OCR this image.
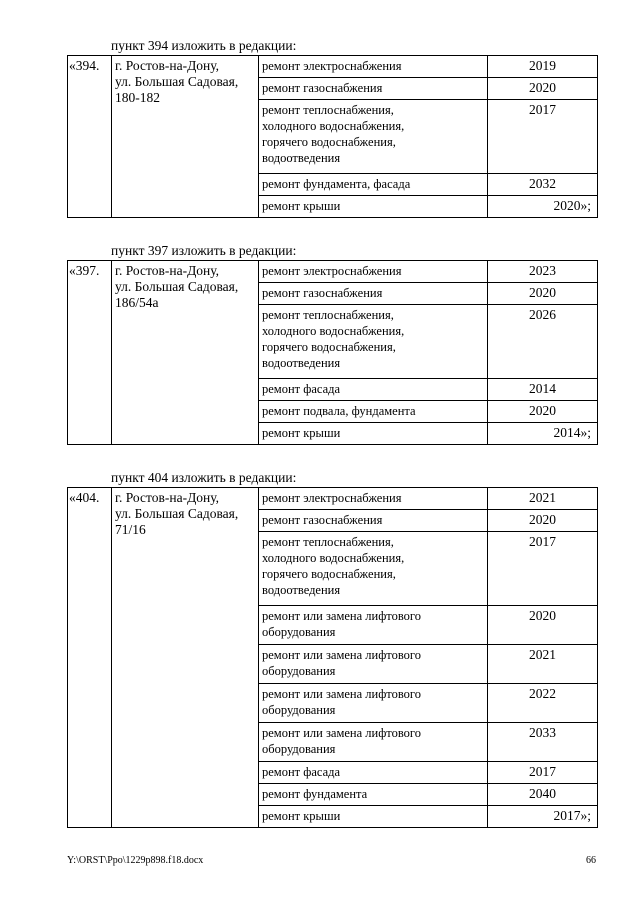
пункт 394 изложить в редакции:
«394.	г. Ростов-на-Дону,
ул. Большая Садовая,
180-182	ремонт электроснабжения	2019

		ремонт газоснабжения	2020

		ремонт теплоснабжения,
холодного водоснабжения,
горячего водоснабжения,
водоотведения	2017

		ремонт фундамента, фасада	2032

		ремонт крыши	2020»;
пункт 397 изложить в редакции:
«397.	г. Ростов-на-Дону,
ул. Большая Садовая,
186/54а	ремонт электроснабжения	2023

		ремонт газоснабжения	2020

		ремонт теплоснабжения,
холодного водоснабжения,
горячего водоснабжения,
водоотведения	2026

		ремонт фасада	2014

		ремонт подвала, фундамента	2020

		ремонт крыши	2014»;
пункт 404 изложить в редакции:
«404.	г. Ростов-на-Дону,
ул. Большая Садовая,
71/16	ремонт электроснабжения	2021

		ремонт газоснабжения	2020

		ремонт теплоснабжения,
холодного водоснабжения,
горячего водоснабжения,
водоотведения	2017

		ремонт или замена лифтового
оборудования	2020

		ремонт или замена лифтового
оборудования	2021

		ремонт или замена лифтового
оборудования	2022

		ремонт или замена лифтового
оборудования	2033

		ремонт фасада	2017

		ремонт фундамента	2040

		ремонт крыши	2017»;
Y:\ORST\Ppo\1229p898.f18.docx	66
